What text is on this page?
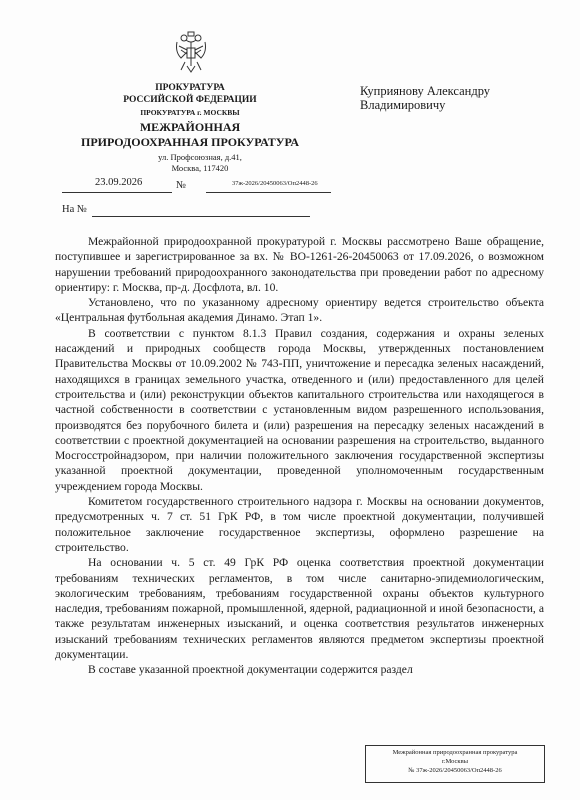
ПРОКУРАТУРА
РОССИЙСКОЙ ФЕДЕРАЦИИ
ПРОКУРАТУРА г. МОСКВЫ
МЕЖРАЙОННАЯ
ПРИРОДООХРАННАЯ ПРОКУРАТУРА
ул. Профсоюзная, д.41,
Москва, 117420
Куприянову Александру
Владимировичу
23.09.2026	№	37ж-2026/20450063/Оп2448-26
На №

Межрайонной природоохранной прокуратурой г. Москвы рассмотрено Ваше обращение, поступившее и зарегистрированное за вх. № ВО-1261-26-20450063 от 17.09.2026, о возможном нарушении требований природоохранного законодательства при проведении работ по адресному ориентиру: г. Москва, пр-д. Досфлота, вл. 10.

Установлено, что по указанному адресному ориентиру ведется строительство объекта «Центральная футбольная академия Динамо. Этап 1».

В соответствии с пунктом 8.1.3 Правил создания, содержания и охраны зеленых насаждений и природных сообществ города Москвы, утвержденных постановлением Правительства Москвы от 10.09.2002 № 743-ПП, уничтожение и пересадка зеленых насаждений, находящихся в границах земельного участка, отведенного и (или) предоставленного для целей строительства и (или) реконструкции объектов капитального строительства или находящегося в частной собственности в соответствии с установленным видом разрешенного использования, производятся без порубочного билета и (или) разрешения на пересадку зеленых насаждений в соответствии с проектной документацией на основании разрешения на строительство, выданного Мосгосстройнадзором, при наличии положительного заключения государственной экспертизы указанной проектной документации, проведенной уполномоченным государственным учреждением города Москвы.

Комитетом государственного строительного надзора г. Москвы на основании документов, предусмотренных ч. 7 ст. 51 ГрК РФ, в том числе проектной документации, получившей положительное заключение государственное экспертизы, оформлено разрешение на строительство.

На основании ч. 5 ст. 49 ГрК РФ оценка соответствия проектной документации требованиям технических регламентов, в том числе санитарно-эпидемиологическим, экологическим требованиям, требованиям государственной охраны объектов культурного наследия, требованиям пожарной, промышленной, ядерной, радиационной и иной безопасности, а также результатам инженерных изысканий, и оценка соответствия результатов инженерных изысканий требованиям технических регламентов являются предметом экспертизы проектной документации.

В составе указанной проектной документации содержится раздел

Межрайонная природоохранная прокуратура
г.Москвы
№ 37ж-2026/20450063/Оп2448-26
